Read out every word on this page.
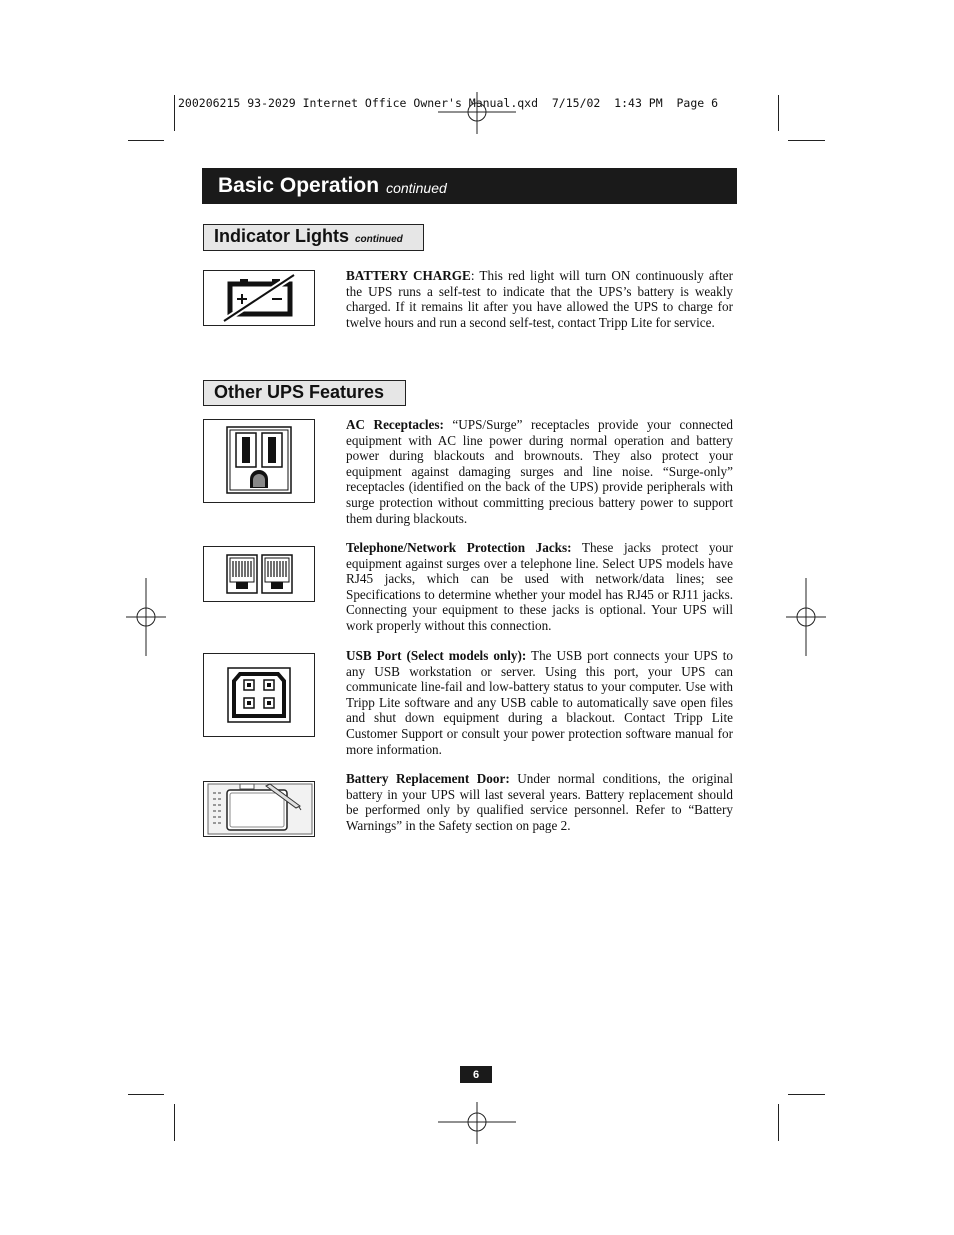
200206215 93-2029 Internet Office Owner's Manual.qxd  7/15/02  1:43 PM  Page 6
Basic Operation continued
Indicator Lights continued
BATTERY CHARGE: This red light will turn ON continuously after the UPS runs a self-test to indicate that the UPS’s battery is weakly charged. If it remains lit after you have allowed the UPS to charge for twelve hours and run a second self-test, contact Tripp Lite for service.
Other UPS Features
AC Receptacles: “UPS/Surge” receptacles provide your connected equipment with AC line power during normal operation and battery power during blackouts and brownouts. They also protect your equipment against damaging surges and line noise. “Surge-only” receptacles (identified on the back of the UPS) provide peripherals with surge protection without committing precious battery power to support them during blackouts.
Telephone/Network Protection Jacks: These jacks protect your equipment against surges over a telephone line. Select UPS models have RJ45 jacks, which can be used with network/data lines; see Specifications to determine whether your model has RJ45 or RJ11 jacks. Connecting your equipment to these jacks is optional. Your UPS will work properly without this connection.
USB Port (Select models only): The USB port connects your UPS to any USB workstation or server. Using this port, your UPS can communicate line-fail and low-battery status to your computer. Use with Tripp Lite software and any USB cable to automatically save open files and shut down equipment during a blackout. Contact Tripp Lite Customer Support or consult your power protection software manual for more information.
Battery Replacement Door: Under normal conditions, the original battery in your UPS will last several years. Battery replacement should be performed only by qualified service personnel. Refer to “Battery Warnings” in the Safety section on page 2.
6
